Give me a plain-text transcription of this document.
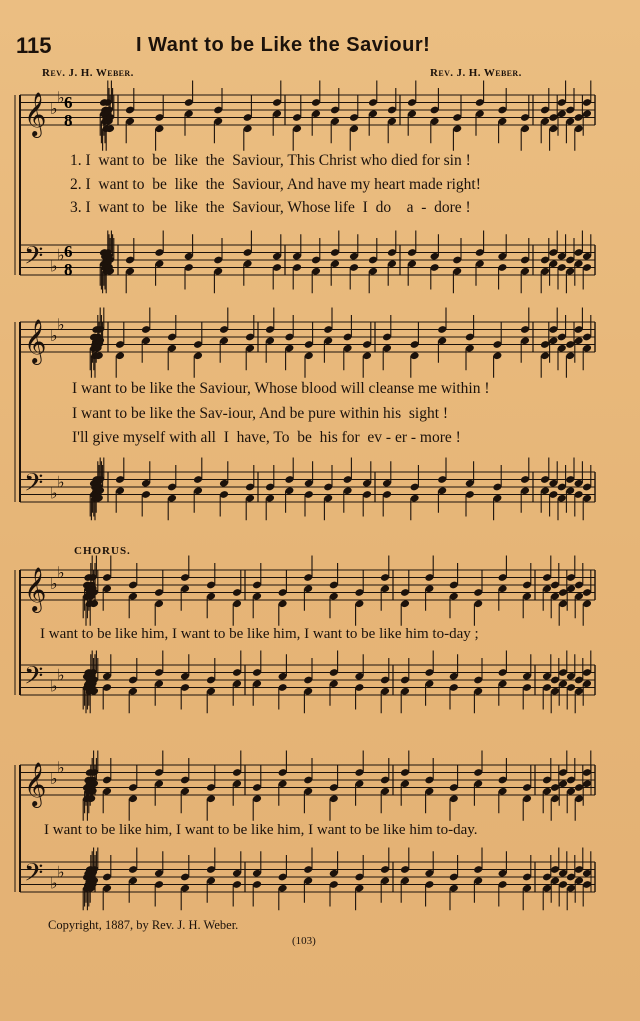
115	I Want to be Like the Saviour!
Rev. J. H. Weber.	Rev. J. H. Weber.
𝄞
𝄢
♭
♭
♭
♭
𝄞
𝄢
♭
♭
♭
♭
𝄞
𝄢
♭
♭
♭
♭
𝄞
𝄢
♭
♭
♭
♭
6
8
6
8
1. I  want to  be  like  the  Saviour, This Christ who died for sin !
2. I  want to  be  like  the  Saviour, And have my heart made right!
3. I  want to  be  like  the  Saviour, Whose life  I  do    a  -  dore !
I want to be like the Saviour, Whose blood will cleanse me within !
I want to be like the Sav-iour, And be pure within his  sight !
I'll give myself with all  I  have, To  be  his for  ev - er - more !
CHORUS.
I want to be like him, I want to be like him, I want to be like him to-day ;
I want to be like him, I want to be like him, I want to be like him to-day.
Copyright, 1887, by Rev. J. H. Weber.
(103)
